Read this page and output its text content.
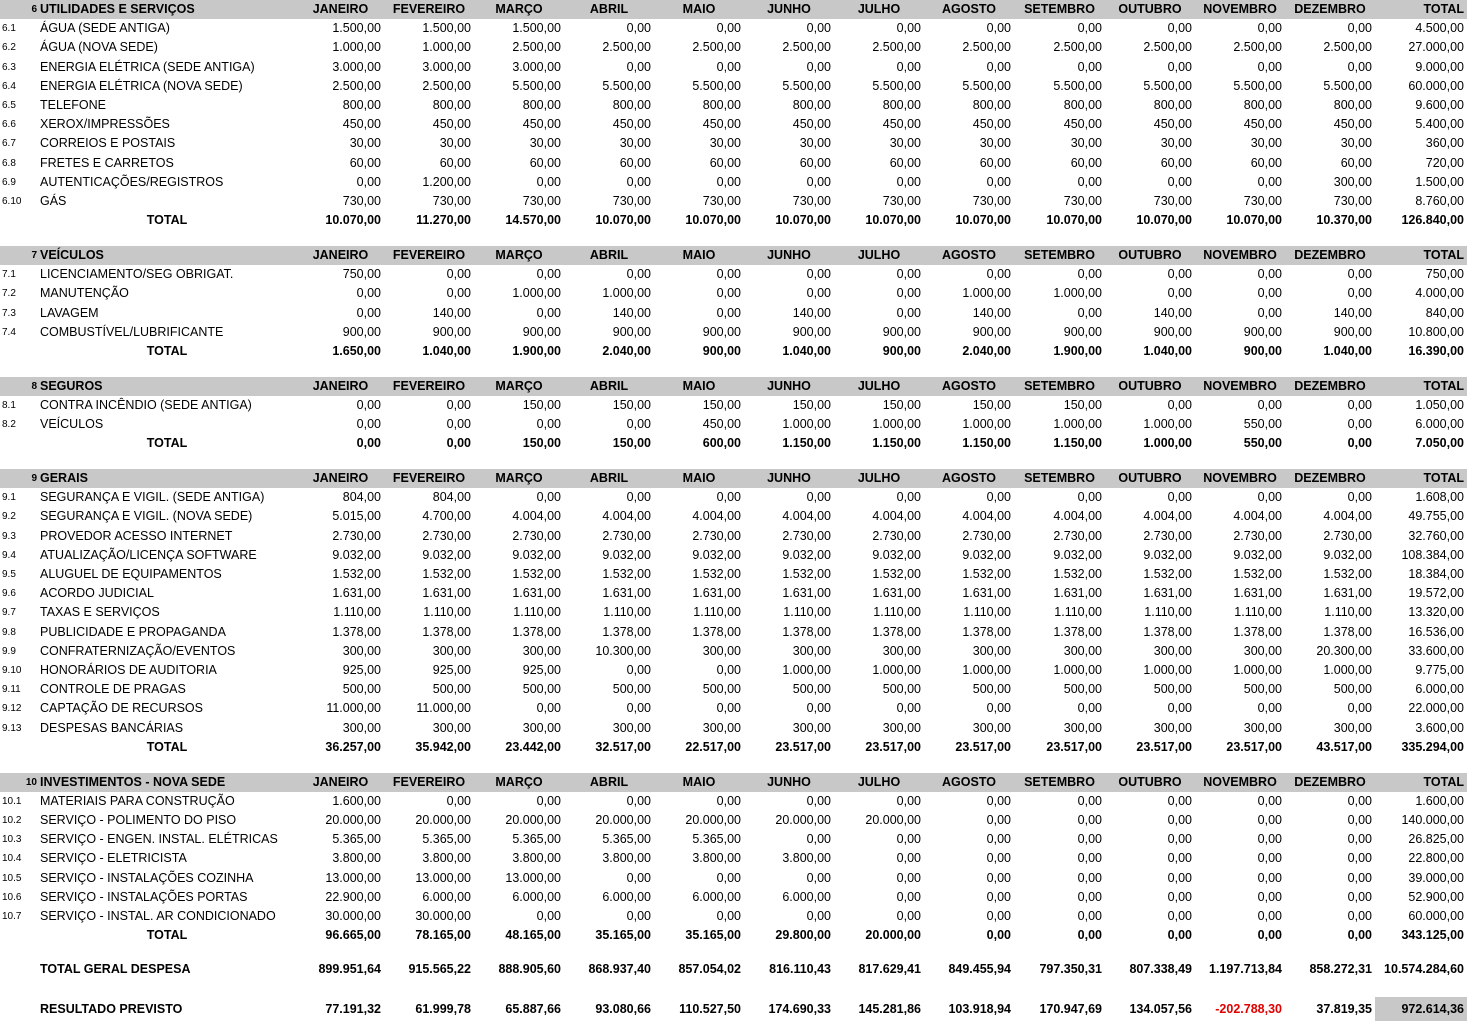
6	UTILIDADES E SERVIÇOS	JANEIRO	FEVEREIRO	MARÇO	ABRIL	MAIO	JUNHO	JULHO	AGOSTO	SETEMBRO	OUTUBRO	NOVEMBRO	DEZEMBRO	TOTAL
6.1	ÁGUA (SEDE ANTIGA)	1.500,00	1.500,00	1.500,00	0,00	0,00	0,00	0,00	0,00	0,00	0,00	0,00	0,00	4.500,00
6.2	ÁGUA (NOVA SEDE)	1.000,00	1.000,00	2.500,00	2.500,00	2.500,00	2.500,00	2.500,00	2.500,00	2.500,00	2.500,00	2.500,00	2.500,00	27.000,00
6.3	ENERGIA ELÉTRICA (SEDE ANTIGA)	3.000,00	3.000,00	3.000,00	0,00	0,00	0,00	0,00	0,00	0,00	0,00	0,00	0,00	9.000,00
6.4	ENERGIA ELÉTRICA (NOVA SEDE)	2.500,00	2.500,00	5.500,00	5.500,00	5.500,00	5.500,00	5.500,00	5.500,00	5.500,00	5.500,00	5.500,00	5.500,00	60.000,00
6.5	TELEFONE	800,00	800,00	800,00	800,00	800,00	800,00	800,00	800,00	800,00	800,00	800,00	800,00	9.600,00
6.6	XEROX/IMPRESSÕES	450,00	450,00	450,00	450,00	450,00	450,00	450,00	450,00	450,00	450,00	450,00	450,00	5.400,00
6.7	CORREIOS E POSTAIS	30,00	30,00	30,00	30,00	30,00	30,00	30,00	30,00	30,00	30,00	30,00	30,00	360,00
6.8	FRETES E CARRETOS	60,00	60,00	60,00	60,00	60,00	60,00	60,00	60,00	60,00	60,00	60,00	60,00	720,00
6.9	AUTENTICAÇÕES/REGISTROS	0,00	1.200,00	0,00	0,00	0,00	0,00	0,00	0,00	0,00	0,00	0,00	300,00	1.500,00
6.10	GÁS	730,00	730,00	730,00	730,00	730,00	730,00	730,00	730,00	730,00	730,00	730,00	730,00	8.760,00
	TOTAL	10.070,00	11.270,00	14.570,00	10.070,00	10.070,00	10.070,00	10.070,00	10.070,00	10.070,00	10.070,00	10.070,00	10.370,00	126.840,00

7	VEÍCULOS	JANEIRO	FEVEREIRO	MARÇO	ABRIL	MAIO	JUNHO	JULHO	AGOSTO	SETEMBRO	OUTUBRO	NOVEMBRO	DEZEMBRO	TOTAL
7.1	LICENCIAMENTO/SEG OBRIGAT.	750,00	0,00	0,00	0,00	0,00	0,00	0,00	0,00	0,00	0,00	0,00	0,00	750,00
7.2	MANUTENÇÃO	0,00	0,00	1.000,00	1.000,00	0,00	0,00	0,00	1.000,00	1.000,00	0,00	0,00	0,00	4.000,00
7.3	LAVAGEM	0,00	140,00	0,00	140,00	0,00	140,00	0,00	140,00	0,00	140,00	0,00	140,00	840,00
7.4	COMBUSTÍVEL/LUBRIFICANTE	900,00	900,00	900,00	900,00	900,00	900,00	900,00	900,00	900,00	900,00	900,00	900,00	10.800,00
	TOTAL	1.650,00	1.040,00	1.900,00	2.040,00	900,00	1.040,00	900,00	2.040,00	1.900,00	1.040,00	900,00	1.040,00	16.390,00

8	SEGUROS	JANEIRO	FEVEREIRO	MARÇO	ABRIL	MAIO	JUNHO	JULHO	AGOSTO	SETEMBRO	OUTUBRO	NOVEMBRO	DEZEMBRO	TOTAL
8.1	CONTRA INCÊNDIO (SEDE ANTIGA)	0,00	0,00	150,00	150,00	150,00	150,00	150,00	150,00	150,00	0,00	0,00	0,00	1.050,00
8.2	VEÍCULOS	0,00	0,00	0,00	0,00	450,00	1.000,00	1.000,00	1.000,00	1.000,00	1.000,00	550,00	0,00	6.000,00
	TOTAL	0,00	0,00	150,00	150,00	600,00	1.150,00	1.150,00	1.150,00	1.150,00	1.000,00	550,00	0,00	7.050,00

9	GERAIS	JANEIRO	FEVEREIRO	MARÇO	ABRIL	MAIO	JUNHO	JULHO	AGOSTO	SETEMBRO	OUTUBRO	NOVEMBRO	DEZEMBRO	TOTAL
9.1	SEGURANÇA E VIGIL. (SEDE ANTIGA)	804,00	804,00	0,00	0,00	0,00	0,00	0,00	0,00	0,00	0,00	0,00	0,00	1.608,00
9.2	SEGURANÇA E VIGIL. (NOVA SEDE)	5.015,00	4.700,00	4.004,00	4.004,00	4.004,00	4.004,00	4.004,00	4.004,00	4.004,00	4.004,00	4.004,00	4.004,00	49.755,00
9.3	PROVEDOR ACESSO INTERNET	2.730,00	2.730,00	2.730,00	2.730,00	2.730,00	2.730,00	2.730,00	2.730,00	2.730,00	2.730,00	2.730,00	2.730,00	32.760,00
9.4	ATUALIZAÇÃO/LICENÇA SOFTWARE	9.032,00	9.032,00	9.032,00	9.032,00	9.032,00	9.032,00	9.032,00	9.032,00	9.032,00	9.032,00	9.032,00	9.032,00	108.384,00
9.5	ALUGUEL DE EQUIPAMENTOS	1.532,00	1.532,00	1.532,00	1.532,00	1.532,00	1.532,00	1.532,00	1.532,00	1.532,00	1.532,00	1.532,00	1.532,00	18.384,00
9.6	ACORDO JUDICIAL	1.631,00	1.631,00	1.631,00	1.631,00	1.631,00	1.631,00	1.631,00	1.631,00	1.631,00	1.631,00	1.631,00	1.631,00	19.572,00
9.7	TAXAS E SERVIÇOS	1.110,00	1.110,00	1.110,00	1.110,00	1.110,00	1.110,00	1.110,00	1.110,00	1.110,00	1.110,00	1.110,00	1.110,00	13.320,00
9.8	PUBLICIDADE E PROPAGANDA	1.378,00	1.378,00	1.378,00	1.378,00	1.378,00	1.378,00	1.378,00	1.378,00	1.378,00	1.378,00	1.378,00	1.378,00	16.536,00
9.9	CONFRATERNIZAÇÃO/EVENTOS	300,00	300,00	300,00	10.300,00	300,00	300,00	300,00	300,00	300,00	300,00	300,00	20.300,00	33.600,00
9.10	HONORÁRIOS DE AUDITORIA	925,00	925,00	925,00	0,00	0,00	1.000,00	1.000,00	1.000,00	1.000,00	1.000,00	1.000,00	1.000,00	9.775,00
9.11	CONTROLE DE PRAGAS	500,00	500,00	500,00	500,00	500,00	500,00	500,00	500,00	500,00	500,00	500,00	500,00	6.000,00
9.12	CAPTAÇÃO DE RECURSOS	11.000,00	11.000,00	0,00	0,00	0,00	0,00	0,00	0,00	0,00	0,00	0,00	0,00	22.000,00
9.13	DESPESAS BANCÁRIAS	300,00	300,00	300,00	300,00	300,00	300,00	300,00	300,00	300,00	300,00	300,00	300,00	3.600,00
	TOTAL	36.257,00	35.942,00	23.442,00	32.517,00	22.517,00	23.517,00	23.517,00	23.517,00	23.517,00	23.517,00	23.517,00	43.517,00	335.294,00

10	INVESTIMENTOS - NOVA SEDE	JANEIRO	FEVEREIRO	MARÇO	ABRIL	MAIO	JUNHO	JULHO	AGOSTO	SETEMBRO	OUTUBRO	NOVEMBRO	DEZEMBRO	TOTAL
10.1	MATERIAIS PARA CONSTRUÇÃO	1.600,00	0,00	0,00	0,00	0,00	0,00	0,00	0,00	0,00	0,00	0,00	0,00	1.600,00
10.2	SERVIÇO - POLIMENTO DO PISO	20.000,00	20.000,00	20.000,00	20.000,00	20.000,00	20.000,00	20.000,00	0,00	0,00	0,00	0,00	0,00	140.000,00
10.3	SERVIÇO - ENGEN. INSTAL. ELÉTRICAS	5.365,00	5.365,00	5.365,00	5.365,00	5.365,00	0,00	0,00	0,00	0,00	0,00	0,00	0,00	26.825,00
10.4	SERVIÇO - ELETRICISTA	3.800,00	3.800,00	3.800,00	3.800,00	3.800,00	3.800,00	0,00	0,00	0,00	0,00	0,00	0,00	22.800,00
10.5	SERVIÇO - INSTALAÇÕES COZINHA	13.000,00	13.000,00	13.000,00	0,00	0,00	0,00	0,00	0,00	0,00	0,00	0,00	0,00	39.000,00
10.6	SERVIÇO - INSTALAÇÕES PORTAS	22.900,00	6.000,00	6.000,00	6.000,00	6.000,00	6.000,00	0,00	0,00	0,00	0,00	0,00	0,00	52.900,00
10.7	SERVIÇO - INSTAL. AR CONDICIONADO	30.000,00	30.000,00	0,00	0,00	0,00	0,00	0,00	0,00	0,00	0,00	0,00	0,00	60.000,00
	TOTAL	96.665,00	78.165,00	48.165,00	35.165,00	35.165,00	29.800,00	20.000,00	0,00	0,00	0,00	0,00	0,00	343.125,00

	TOTAL GERAL DESPESA	899.951,64	915.565,22	888.905,60	868.937,40	857.054,02	816.110,43	817.629,41	849.455,94	797.350,31	807.338,49	1.197.713,84	858.272,31	10.574.284,60

	RESULTADO PREVISTO	77.191,32	61.999,78	65.887,66	93.080,66	110.527,50	174.690,33	145.281,86	103.918,94	170.947,69	134.057,56	-202.788,30	37.819,35	972.614,36
